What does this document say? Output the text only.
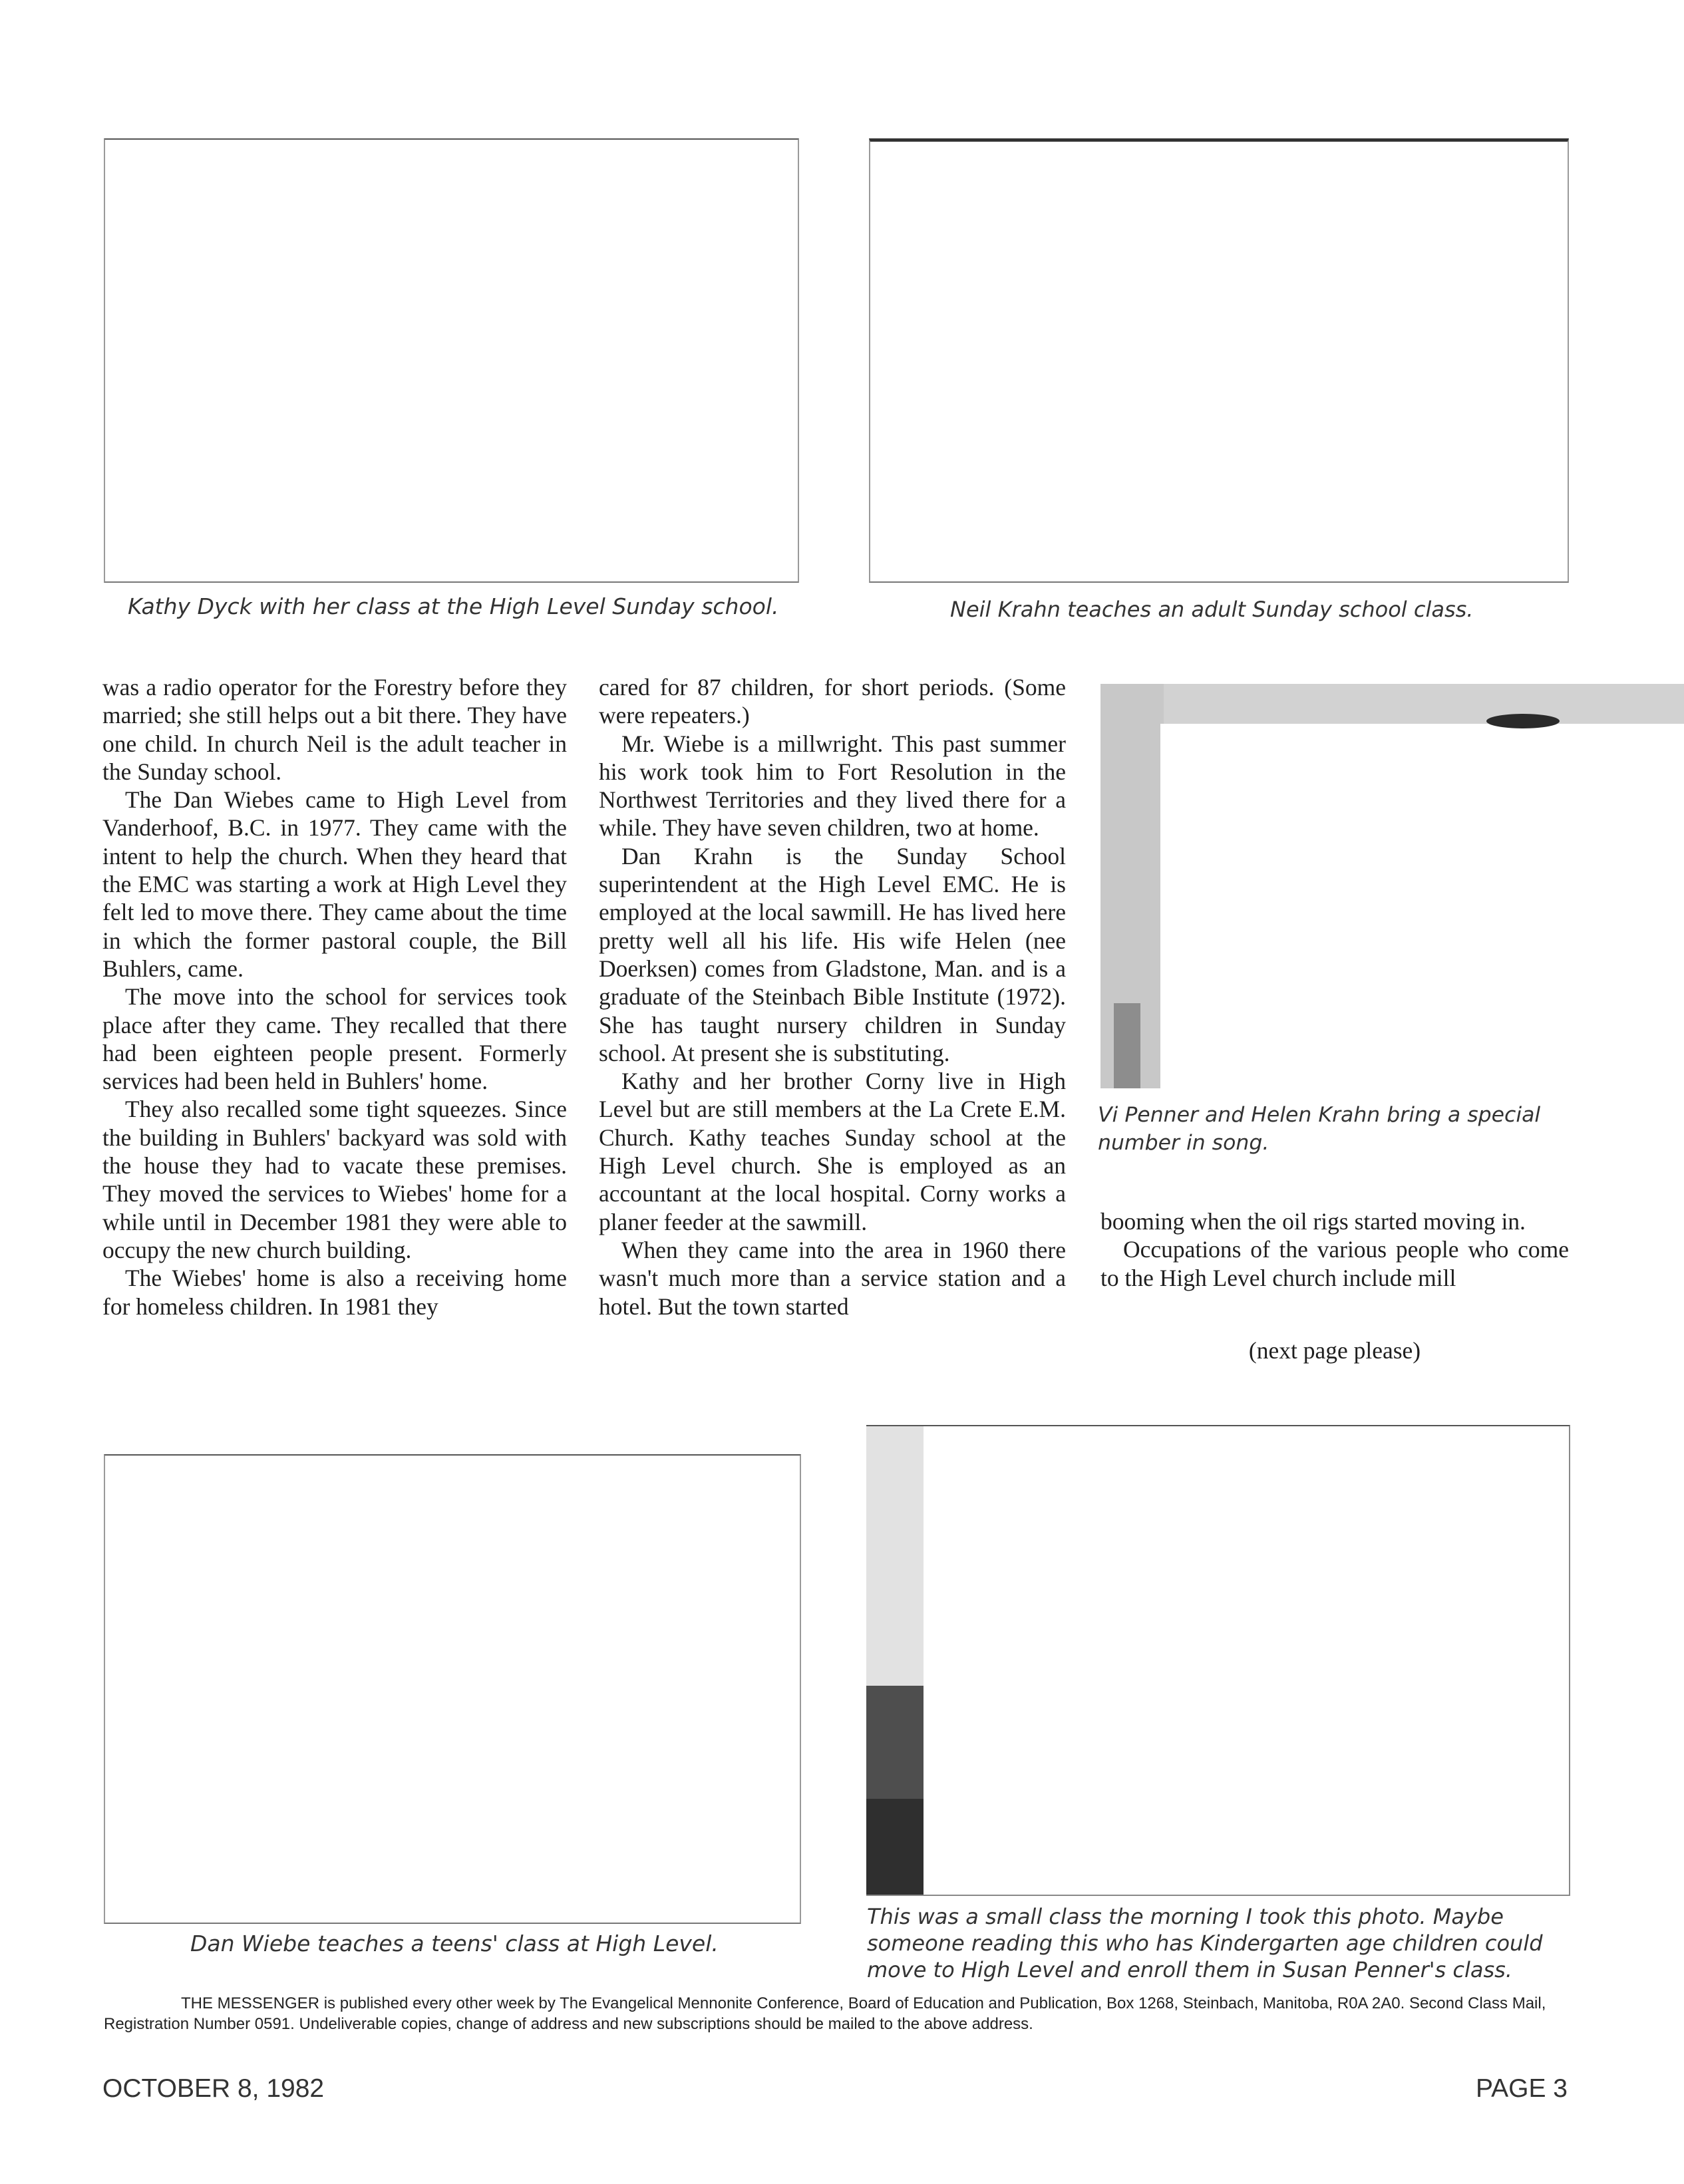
Kathy Dyck with her class at the High Level Sunday school.	Neil Krahn teaches an adult Sunday school class.

was a radio operator for the Forestry before they married; she still helps out a bit there. They have one child. In church Neil is the adult teacher in the Sunday school.

The Dan Wiebes came to High Level from Vanderhoof, B.C. in 1977. They came with the intent to help the church. When they heard that the EMC was starting a work at High Level they felt led to move there. They came about the time in which the former pastoral couple, the Bill Buhlers, came.

The move into the school for services took place after they came. They recalled that there had been eighteen people present. Formerly services had been held in Buhlers' home.

They also recalled some tight squeezes. Since the building in Buhlers' backyard was sold with the house they had to vacate these premises. They moved the services to Wiebes' home for a while until in December 1981 they were able to occupy the new church building.

The Wiebes' home is also a receiving home for homeless children. In 1981 they

cared for 87 children, for short periods. (Some were repeaters.)

Mr. Wiebe is a millwright. This past summer his work took him to Fort Resolution in the Northwest Territories and they lived there for a while. They have seven children, two at home.

Dan Krahn is the Sunday School superintendent at the High Level EMC. He is employed at the local sawmill. He has lived here pretty well all his life. His wife Helen (nee Doerksen) comes from Gladstone, Man. and is a graduate of the Steinbach Bible Institute (1972). She has taught nursery children in Sunday school. At present she is substituting.

Kathy and her brother Corny live in High Level but are still members at the La Crete E.M. Church. Kathy teaches Sunday school at the High Level church. She is employed as an accountant at the local hospital. Corny works a planer feeder at the sawmill.

When they came into the area in 1960 there wasn't much more than a service station and a hotel. But the town started

Vi Penner and Helen Krahn bring a special number in song.

booming when the oil rigs started moving in.

Occupations of the various people who come to the High Level church include mill

(next page please)
Dan Wiebe teaches a teens' class at High Level.
This was a small class the morning I took this photo. Maybe someone reading this who has Kindergarten age children could move to High Level and enroll them in Susan Penner's class.
THE MESSENGER is published every other week by The Evangelical Mennonite Conference, Board of Education and Publication, Box 1268, Steinbach, Manitoba, R0A 2A0. Second Class Mail, Registration Number 0591. Undeliverable copies, change of address and new subscriptions should be mailed to the above address.
OCTOBER 8, 1982	PAGE 3
